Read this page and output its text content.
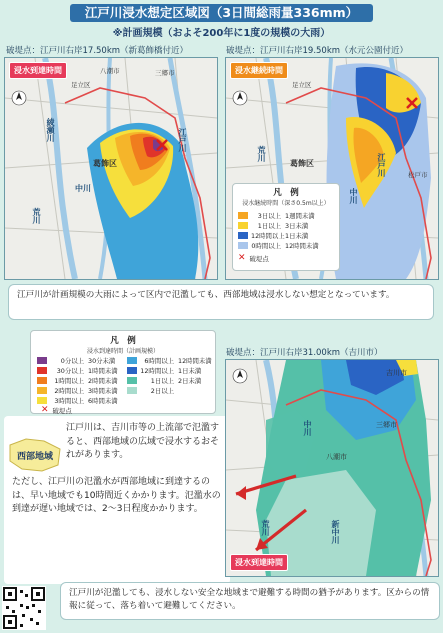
江戸川浸水想定区域図（3日間総雨量336mm）
※計画規模（およそ200年に1度の規模の大雨）
破堤点：江戸川右岸17.50km（新葛飾橋付近）
浸水到達時間
綾瀬川	江戸川
葛飾区
中川
荒川
足立区
八潮市	三郷市
破堤点：江戸川右岸19.50km（水元公園付近）
浸水継続時間
荒川
足立区
葛飾区
中川
江戸川	松戸市
凡　例
浸水継続時間（深さ0.5m以上）
3日以上 1週間未満
1日以上 3日未満
12時間以上 1日未満
0時間以上 12時間未満
✕ 破堤点
江戸川が計画規模の大雨によって区内で氾濫しても、西部地域は浸水しない想定となっています。
凡　例
浸水到達時間（計画規模）
0分以上 30分未満
30分以上 1時間未満
1時間以上 2時間未満
2時間以上 3時間未満
3時間以上 6時間未満
6時間以上 12時間未満
12時間以上 1日未満
1日以上 2日未満
2日以上
✕ 破堤点
西部地域
江戸川は、吉川市等の上流部で氾濫すると、西部地域の広域で浸水するおそれがあります。
ただし、江戸川の氾濫水が西部地域に到達するのは、早い地域でも10時間近くかかります。氾濫水の到達が遅い地域では、2〜3日程度かかります。
破堤点：江戸川右岸31.00km（吉川市）
浸水到達時間
三郷市
吉川市
八潮市
新中川
荒川
中川
江戸川が氾濫しても、浸水しない安全な地域まで避難する時間の猶予があります。区からの情報に従って、落ち着いて避難してください。
